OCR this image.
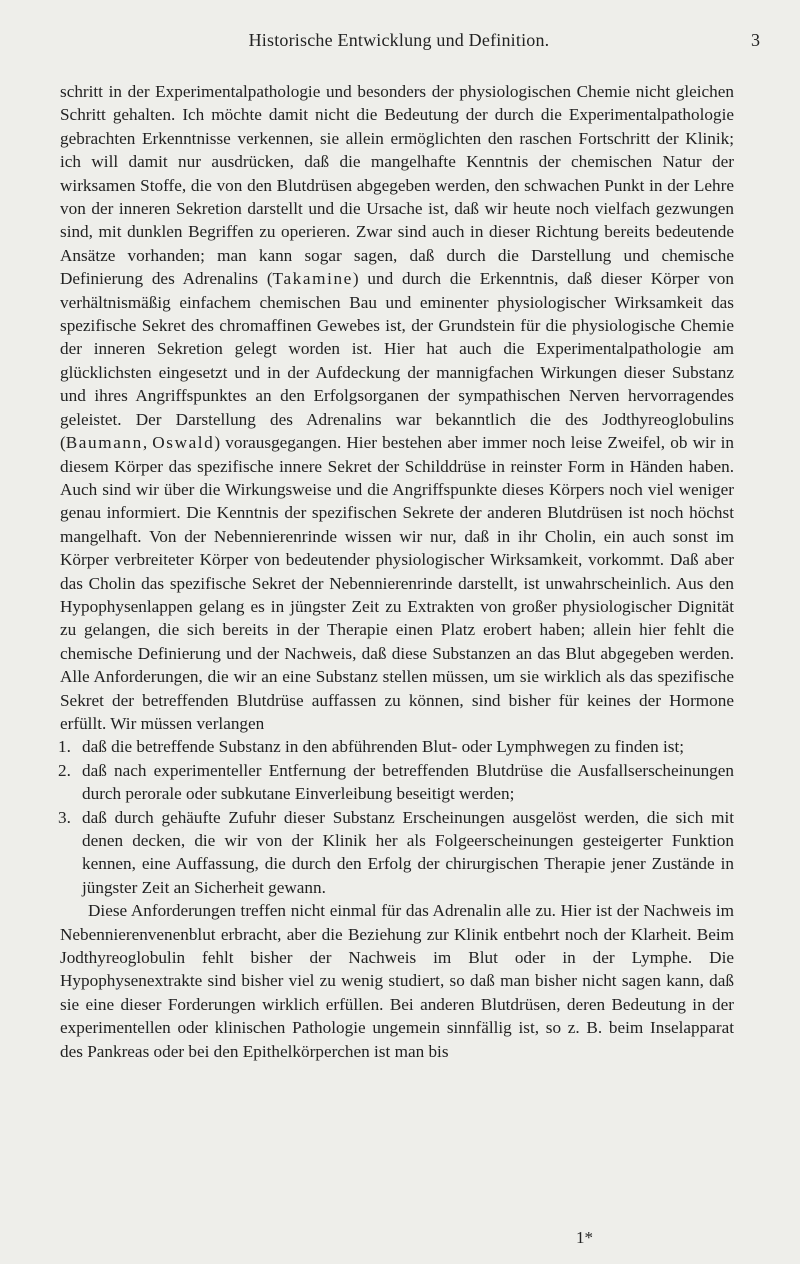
Historische Entwicklung und Definition.	3

schritt in der Experimentalpathologie und besonders der physiologischen Chemie nicht gleichen Schritt gehalten. Ich möchte damit nicht die Bedeutung der durch die Experimentalpathologie gebrachten Erkenntnisse verkennen, sie allein ermöglichten den raschen Fortschritt der Klinik; ich will damit nur ausdrücken, daß die mangelhafte Kenntnis der chemischen Natur der wirksamen Stoffe, die von den Blutdrüsen abgegeben werden, den schwachen Punkt in der Lehre von der inneren Sekretion darstellt und die Ursache ist, daß wir heute noch vielfach gezwungen sind, mit dunklen Begriffen zu operieren. Zwar sind auch in dieser Richtung bereits bedeutende Ansätze vorhanden; man kann sogar sagen, daß durch die Darstellung und chemische Definierung des Adrenalins (Takamine) und durch die Erkenntnis, daß dieser Körper von verhältnismäßig einfachem chemischen Bau und eminenter physiologischer Wirksamkeit das spezifische Sekret des chromaffinen Gewebes ist, der Grundstein für die physiologische Chemie der inneren Sekretion gelegt worden ist. Hier hat auch die Experimentalpathologie am glücklichsten eingesetzt und in der Aufdeckung der mannigfachen Wirkungen dieser Substanz und ihres Angriffspunktes an den Erfolgsorganen der sympathischen Nerven hervorragendes geleistet. Der Darstellung des Adrenalins war bekanntlich die des Jodthyreoglobulins (Baumann, Oswald) vorausgegangen. Hier bestehen aber immer noch leise Zweifel, ob wir in diesem Körper das spezifische innere Sekret der Schilddrüse in reinster Form in Händen haben. Auch sind wir über die Wirkungsweise und die Angriffspunkte dieses Körpers noch viel weniger genau informiert. Die Kenntnis der spezifischen Sekrete der anderen Blutdrüsen ist noch höchst mangelhaft. Von der Nebennierenrinde wissen wir nur, daß in ihr Cholin, ein auch sonst im Körper verbreiteter Körper von bedeutender physiologischer Wirksamkeit, vorkommt. Daß aber das Cholin das spezifische Sekret der Nebennierenrinde darstellt, ist unwahrscheinlich. Aus den Hypophysenlappen gelang es in jüngster Zeit zu Extrakten von großer physiologischer Dignität zu gelangen, die sich bereits in der Therapie einen Platz erobert haben; allein hier fehlt die chemische Definierung und der Nachweis, daß diese Substanzen an das Blut abgegeben werden. Alle Anforderungen, die wir an eine Substanz stellen müssen, um sie wirklich als das spezifische Sekret der betreffenden Blutdrüse auffassen zu können, sind bisher für keines der Hormone erfüllt. Wir müssen verlangen

1. daß die betreffende Substanz in den abführenden Blut- oder Lymphwegen zu finden ist;
2. daß nach experimenteller Entfernung der betreffenden Blutdrüse die Ausfallserscheinungen durch perorale oder subkutane Einverleibung beseitigt werden;
3. daß durch gehäufte Zufuhr dieser Substanz Erscheinungen ausgelöst werden, die sich mit denen decken, die wir von der Klinik her als Folgeerscheinungen gesteigerter Funktion kennen, eine Auffassung, die durch den Erfolg der chirurgischen Therapie jener Zustände in jüngster Zeit an Sicherheit gewann.

Diese Anforderungen treffen nicht einmal für das Adrenalin alle zu. Hier ist der Nachweis im Nebennierenvenenblut erbracht, aber die Beziehung zur Klinik entbehrt noch der Klarheit. Beim Jodthyreoglobulin fehlt bisher der Nachweis im Blut oder in der Lymphe. Die Hypophysenextrakte sind bisher viel zu wenig studiert, so daß man bisher nicht sagen kann, daß sie eine dieser Forderungen wirklich erfüllen. Bei anderen Blutdrüsen, deren Bedeutung in der experimentellen oder klinischen Pathologie ungemein sinnfällig ist, so z. B. beim Inselapparat des Pankreas oder bei den Epithelkörperchen ist man bis

1*
